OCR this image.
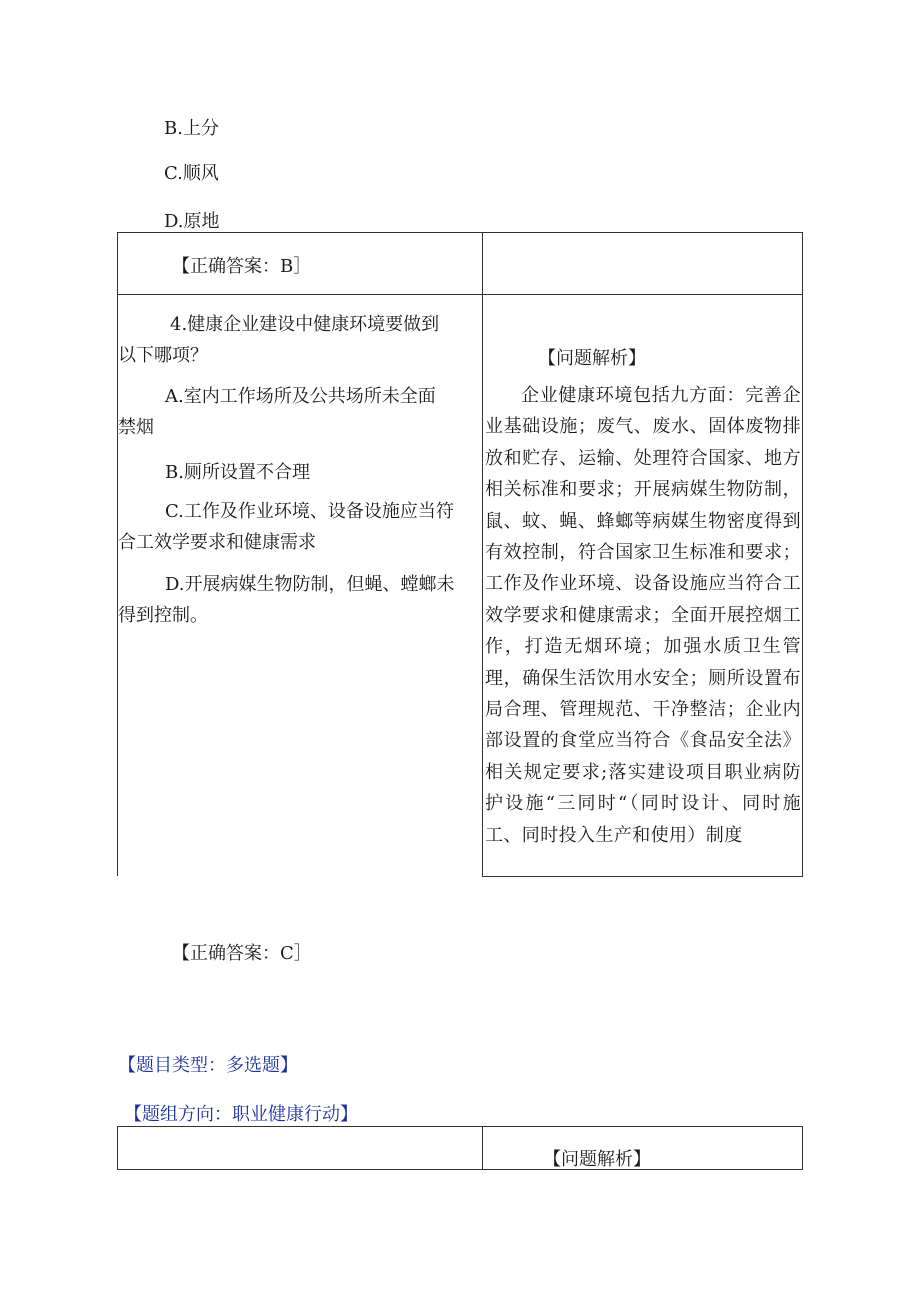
B.上分
C.顺风
D.原地
【正确答案：B］
4.健康企业建设中健康环境要做到
以下哪项？
A.室内工作场所及公共场所未全面
禁烟
B.厕所设置不合理
C.工作及作业环境、设备设施应当符
合工效学要求和健康需求
D.开展病媒生物防制，但蝇、螳螂未
得到控制。
【问题解析】
企业健康环境包括九方面：完善企业基础设施；废气、废水、固体废物排放和贮存、运输、处理符合国家、地方相关标准和要求；开展病媒生物防制，鼠、蚊、蝇、蜂螂等病媒生物密度得到有效控制，符合国家卫生标准和要求；工作及作业环境、设备设施应当符合工效学要求和健康需求；全面开展控烟工作，打造无烟环境；加强水质卫生管理，确保生活饮用水安全；厕所设置布局合理、管理规范、干净整洁；企业内部设置的食堂应当符合《食品安全法》相关规定要求;落实建设项目职业病防护设施“三同时“（同时设计、同时施工、同时投入生产和使用）制度
【正确答案：C］
【题目类型：多选题】
【题组方向：职业健康行动】
【问题解析】
